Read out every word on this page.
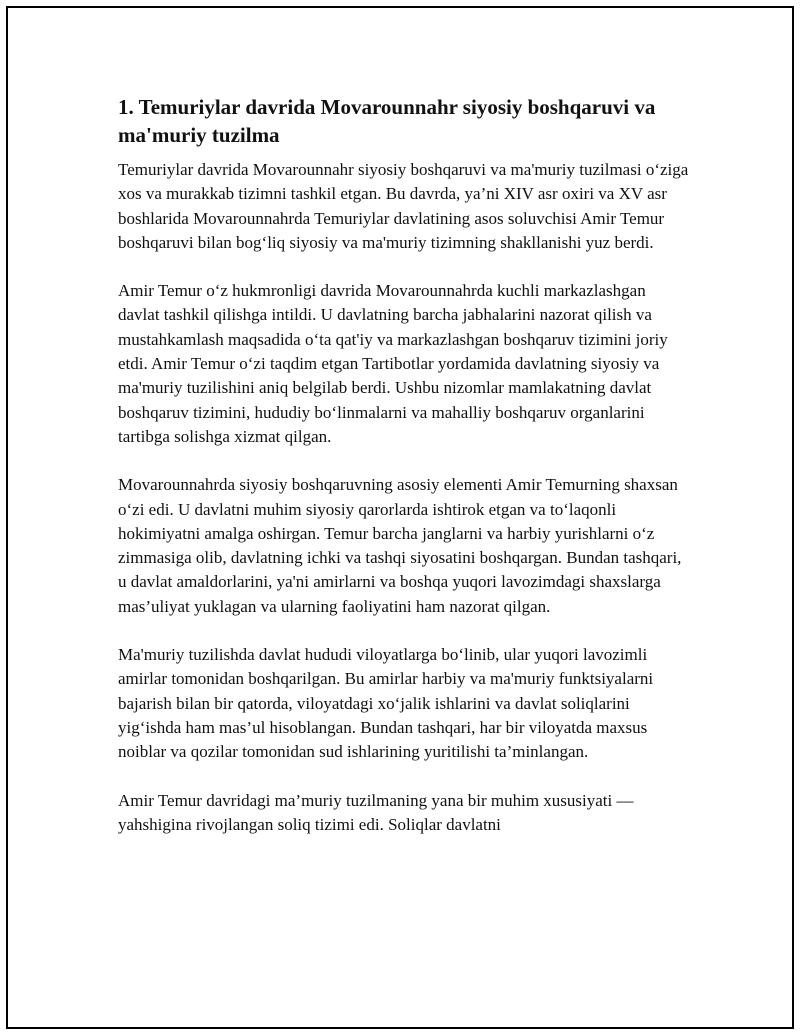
1. Temuriylar davrida Movarounnahr siyosiy boshqaruvi va ma'muriy tuzilma

Temuriylar davrida Movarounnahr siyosiy boshqaruvi va ma'muriy tuzilmasi o‘ziga xos va murakkab tizimni tashkil etgan. Bu davrda, ya’ni XIV asr oxiri va XV asr boshlarida Movarounnahrda Temuriylar davlatining asos soluvchisi Amir Temur boshqaruvi bilan bog‘liq siyosiy va ma'muriy tizimning shakllanishi yuz berdi.

Amir Temur o‘z hukmronligi davrida Movarounnahrda kuchli markazlashgan davlat tashkil qilishga intildi. U davlatning barcha jabhalarini nazorat qilish va mustahkamlash maqsadida o‘ta qat'iy va markazlashgan boshqaruv tizimini joriy etdi. Amir Temur o‘zi taqdim etgan Tartibotlar yordamida davlatning siyosiy va ma'muriy tuzilishini aniq belgilab berdi. Ushbu nizomlar mamlakatning davlat boshqaruv tizimini, hududiy bo‘linmalarni va mahalliy boshqaruv organlarini tartibga solishga xizmat qilgan.

Movarounnahrda siyosiy boshqaruvning asosiy elementi Amir Temurning shaxsan o‘zi edi. U davlatni muhim siyosiy qarorlarda ishtirok etgan va to‘laqonli hokimiyatni amalga oshirgan. Temur barcha janglarni va harbiy yurishlarni o‘z zimmasiga olib, davlatning ichki va tashqi siyosatini boshqargan. Bundan tashqari, u davlat amaldorlarini, ya'ni amirlarni va boshqa yuqori lavozimdagi shaxslarga mas’uliyat yuklagan va ularning faoliyatini ham nazorat qilgan.

Ma'muriy tuzilishda davlat hududi viloyatlarga bo‘linib, ular yuqori lavozimli amirlar tomonidan boshqarilgan. Bu amirlar harbiy va ma'muriy funktsiyalarni bajarish bilan bir qatorda, viloyatdagi xo‘jalik ishlarini va davlat soliqlarini yig‘ishda ham mas’ul hisoblangan. Bundan tashqari, har bir viloyatda maxsus noiblar va qozilar tomonidan sud ishlarining yuritilishi ta’minlangan.

Amir Temur davridagi ma’muriy tuzilmaning yana bir muhim xususiyati — yahshigina rivojlangan soliq tizimi edi. Soliqlar davlatni
